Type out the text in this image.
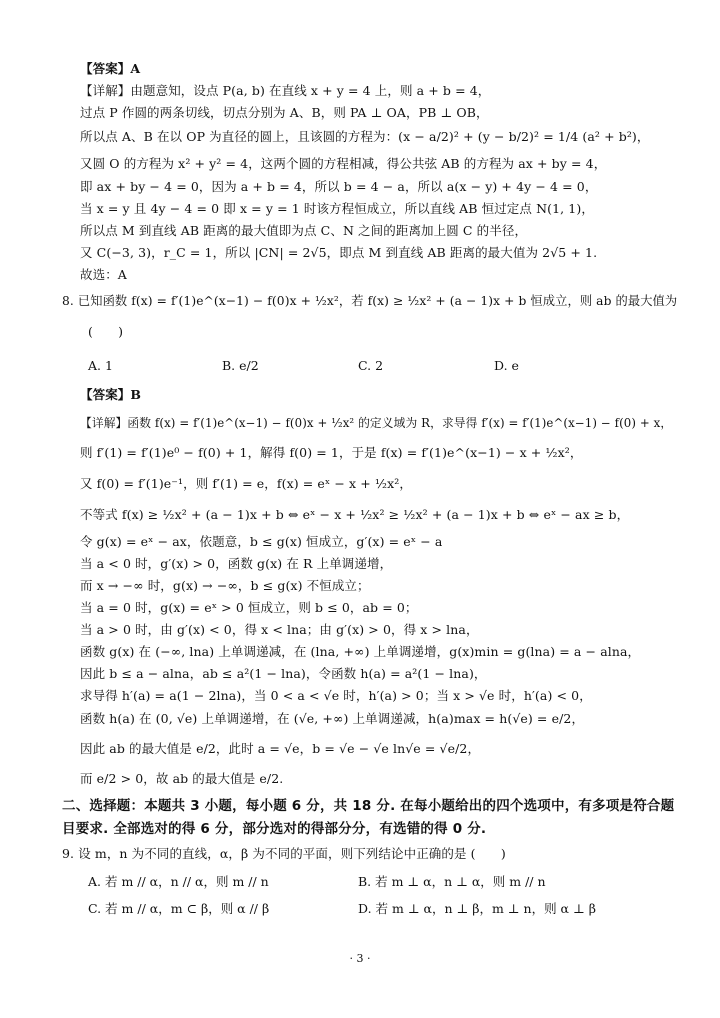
【答案】A
【详解】由题意知，设点 P(a, b) 在直线 x + y = 4 上，则 a + b = 4，
过点 P 作圆的两条切线，切点分别为 A、B，则 PA ⊥ OA，PB ⊥ OB，
所以点 A、B 在以 OP 为直径的圆上，且该圆的方程为：(x − a/2)² + (y − b/2)² = 1/4 (a² + b²)，
又圆 O 的方程为 x² + y² = 4，这两个圆的方程相减，得公共弦 AB 的方程为 ax + by = 4，
即 ax + by − 4 = 0，因为 a + b = 4，所以 b = 4 − a，所以 a(x − y) + 4y − 4 = 0，
当 x = y 且 4y − 4 = 0 即 x = y = 1 时该方程恒成立，所以直线 AB 恒过定点 N(1, 1)，
所以点 M 到直线 AB 距离的最大值即为点 C、N 之间的距离加上圆 C 的半径，
又 C(−3, 3)，r_C = 1，所以 |CN| = 2√5，即点 M 到直线 AB 距离的最大值为 2√5 + 1.
故选：A
8. 已知函数 f(x) = f′(1)e^(x−1) − f(0)x + ½x²，若 f(x) ≥ ½x² + (a − 1)x + b 恒成立，则 ab 的最大值为
(　　)
A. 1	B. e/2	C. 2	D. e
【答案】B
【详解】函数 f(x) = f′(1)e^(x−1) − f(0)x + ½x² 的定义域为 R，求导得 f′(x) = f′(1)e^(x−1) − f(0) + x，
则 f′(1) = f′(1)e⁰ − f(0) + 1，解得 f(0) = 1，于是 f(x) = f′(1)e^(x−1) − x + ½x²，
又 f(0) = f′(1)e⁻¹，则 f′(1) = e，f(x) = eˣ − x + ½x²，
不等式 f(x) ≥ ½x² + (a − 1)x + b ⇔ eˣ − x + ½x² ≥ ½x² + (a − 1)x + b ⇔ eˣ − ax ≥ b，
令 g(x) = eˣ − ax，依题意，b ≤ g(x) 恒成立，g′(x) = eˣ − a
当 a < 0 时，g′(x) > 0，函数 g(x) 在 R 上单调递增，
而 x → −∞ 时，g(x) → −∞，b ≤ g(x) 不恒成立；
当 a = 0 时，g(x) = eˣ > 0 恒成立，则 b ≤ 0，ab = 0；
当 a > 0 时，由 g′(x) < 0，得 x < lna；由 g′(x) > 0，得 x > lna，
函数 g(x) 在 (−∞, lna) 上单调递减，在 (lna, +∞) 上单调递增，g(x)min = g(lna) = a − alna，
因此 b ≤ a − alna，ab ≤ a²(1 − lna)，令函数 h(a) = a²(1 − lna)，
求导得 h′(a) = a(1 − 2lna)，当 0 < a < √e 时，h′(a) > 0；当 x > √e 时，h′(a) < 0，
函数 h(a) 在 (0, √e) 上单调递增，在 (√e, +∞) 上单调递减，h(a)max = h(√e) = e/2，
因此 ab 的最大值是 e/2，此时 a = √e，b = √e − √e ln√e = √e/2，
而 e/2 > 0，故 ab 的最大值是 e/2.
二、选择题：本题共 3 小题，每小题 6 分，共 18 分. 在每小题给出的四个选项中，有多项是符合题
目要求. 全部选对的得 6 分，部分选对的得部分分，有选错的得 0 分.
9. 设 m，n 为不同的直线，α，β 为不同的平面，则下列结论中正确的是 (　　)
A. 若 m // α，n // α，则 m // n	B. 若 m ⊥ α，n ⊥ α，则 m // n
C. 若 m // α，m ⊂ β，则 α // β	D. 若 m ⊥ α，n ⊥ β，m ⊥ n，则 α ⊥ β
· 3 ·
